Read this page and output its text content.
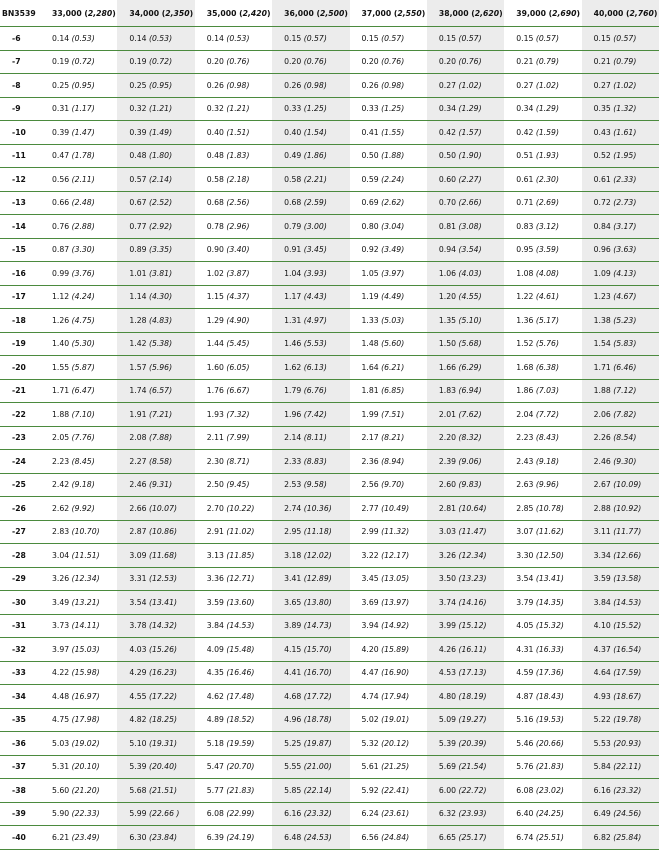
BN3539	33,000 (2,280)	34,000 (2,350)	35,000 (2,420)	36,000 (2,500)	37,000 (2,550)	38,000 (2,620)	39,000 (2,690)	40,000 (2,760)
-6	0.14 (0.53)	0.14 (0.53)	0.14 (0.53)	0.15 (0.57)	0.15 (0.57)	0.15 (0.57)	0.15 (0.57)	0.15 (0.57)
-7	0.19 (0.72)	0.19 (0.72)	0.20 (0.76)	0.20 (0.76)	0.20 (0.76)	0.20 (0.76)	0.21 (0.79)	0.21 (0.79)
-8	0.25 (0.95)	0.25 (0.95)	0.26 (0.98)	0.26 (0.98)	0.26 (0.98)	0.27 (1.02)	0.27 (1.02)	0.27 (1.02)
-9	0.31 (1.17)	0.32 (1.21)	0.32 (1.21)	0.33 (1.25)	0.33 (1.25)	0.34 (1.29)	0.34 (1.29)	0.35 (1.32)
-10	0.39 (1.47)	0.39 (1.49)	0.40 (1.51)	0.40 (1.54)	0.41 (1.55)	0.42 (1.57)	0.42 (1.59)	0.43 (1.61)
-11	0.47 (1.78)	0.48 (1.80)	0.48 (1.83)	0.49 (1.86)	0.50 (1.88)	0.50 (1.90)	0.51 (1.93)	0.52 (1.95)
-12	0.56 (2.11)	0.57 (2.14)	0.58 (2.18)	0.58 (2.21)	0.59 (2.24)	0.60 (2.27)	0.61 (2.30)	0.61 (2.33)
-13	0.66 (2.48)	0.67 (2.52)	0.68 (2.56)	0.68 (2.59)	0.69 (2.62)	0.70 (2.66)	0.71 (2.69)	0.72 (2.73)
-14	0.76 (2.88)	0.77 (2.92)	0.78 (2.96)	0.79 (3.00)	0.80 (3.04)	0.81 (3.08)	0.83 (3.12)	0.84 (3.17)
-15	0.87 (3.30)	0.89 (3.35)	0.90 (3.40)	0.91 (3.45)	0.92 (3.49)	0.94 (3.54)	0.95 (3.59)	0.96 (3.63)
-16	0.99 (3.76)	1.01 (3.81)	1.02 (3.87)	1.04 (3.93)	1.05 (3.97)	1.06 (4.03)	1.08 (4.08)	1.09 (4.13)
-17	1.12 (4.24)	1.14 (4.30)	1.15 (4.37)	1.17 (4.43)	1.19 (4.49)	1.20 (4.55)	1.22 (4.61)	1.23 (4.67)
-18	1.26 (4.75)	1.28 (4.83)	1.29 (4.90)	1.31 (4.97)	1.33 (5.03)	1.35 (5.10)	1.36 (5.17)	1.38 (5.23)
-19	1.40 (5.30)	1.42 (5.38)	1.44 (5.45)	1.46 (5.53)	1.48 (5.60)	1.50 (5.68)	1.52 (5.76)	1.54 (5.83)
-20	1.55 (5.87)	1.57 (5.96)	1.60 (6.05)	1.62 (6.13)	1.64 (6.21)	1.66 (6.29)	1.68 (6.38)	1.71 (6.46)
-21	1.71 (6.47)	1.74 (6.57)	1.76 (6.67)	1.79 (6.76)	1.81 (6.85)	1.83 (6.94)	1.86 (7.03)	1.88 (7.12)
-22	1.88 (7.10)	1.91 (7.21)	1.93 (7.32)	1.96 (7.42)	1.99 (7.51)	2.01 (7.62)	2.04 (7.72)	2.06 (7.82)
-23	2.05 (7.76)	2.08 (7.88)	2.11 (7.99)	2.14 (8.11)	2.17 (8.21)	2.20 (8.32)	2.23 (8.43)	2.26 (8.54)
-24	2.23 (8.45)	2.27 (8.58)	2.30 (8.71)	2.33 (8.83)	2.36 (8.94)	2.39 (9.06)	2.43 (9.18)	2.46 (9.30)
-25	2.42 (9.18)	2.46 (9.31)	2.50 (9.45)	2.53 (9.58)	2.56 (9.70)	2.60 (9.83)	2.63 (9.96)	2.67 (10.09)
-26	2.62 (9.92)	2.66 (10.07)	2.70 (10.22)	2.74 (10.36)	2.77 (10.49)	2.81 (10.64)	2.85 (10.78)	2.88 (10.92)
-27	2.83 (10.70)	2.87 (10.86)	2.91 (11.02)	2.95 (11.18)	2.99 (11.32)	3.03 (11.47)	3.07 (11.62)	3.11 (11.77)
-28	3.04 (11.51)	3.09 (11.68)	3.13 (11.85)	3.18 (12.02)	3.22 (12.17)	3.26 (12.34)	3.30 (12.50)	3.34 (12.66)
-29	3.26 (12.34)	3.31 (12.53)	3.36 (12.71)	3.41 (12.89)	3.45 (13.05)	3.50 (13.23)	3.54 (13.41)	3.59 (13.58)
-30	3.49 (13.21)	3.54 (13.41)	3.59 (13.60)	3.65 (13.80)	3.69 (13.97)	3.74 (14.16)	3.79 (14.35)	3.84 (14.53)
-31	3.73 (14.11)	3.78 (14.32)	3.84 (14.53)	3.89 (14.73)	3.94 (14.92)	3.99 (15.12)	4.05 (15.32)	4.10 (15.52)
-32	3.97 (15.03)	4.03 (15.26)	4.09 (15.48)	4.15 (15.70)	4.20 (15.89)	4.26 (16.11)	4.31 (16.33)	4.37 (16.54)
-33	4.22 (15.98)	4.29 (16.23)	4.35 (16.46)	4.41 (16.70)	4.47 (16.90)	4.53 (17.13)	4.59 (17.36)	4.64 (17.59)
-34	4.48 (16.97)	4.55 (17.22)	4.62 (17.48)	4.68 (17.72)	4.74 (17.94)	4.80 (18.19)	4.87 (18.43)	4.93 (18.67)
-35	4.75 (17.98)	4.82 (18.25)	4.89 (18.52)	4.96 (18.78)	5.02 (19.01)	5.09 (19.27)	5.16 (19.53)	5.22 (19.78)
-36	5.03 (19.02)	5.10 (19.31)	5.18 (19.59)	5.25 (19.87)	5.32 (20.12)	5.39 (20.39)	5.46 (20.66)	5.53 (20.93)
-37	5.31 (20.10)	5.39 (20.40)	5.47 (20.70)	5.55 (21.00)	5.61 (21.25)	5.69 (21.54)	5.76 (21.83)	5.84 (22.11)
-38	5.60 (21.20)	5.68 (21.51)	5.77 (21.83)	5.85 (22.14)	5.92 (22.41)	6.00 (22.72)	6.08 (23.02)	6.16 (23.32)
-39	5.90 (22.33)	5.99 (22.66 )	6.08 (22.99)	6.16 (23.32)	6.24 (23.61)	6.32 (23.93)	6.40 (24.25)	6.49 (24.56)
-40	6.21 (23.49)	6.30 (23.84)	6.39 (24.19)	6.48 (24.53)	6.56 (24.84)	6.65 (25.17)	6.74 (25.51)	6.82 (25.84)
